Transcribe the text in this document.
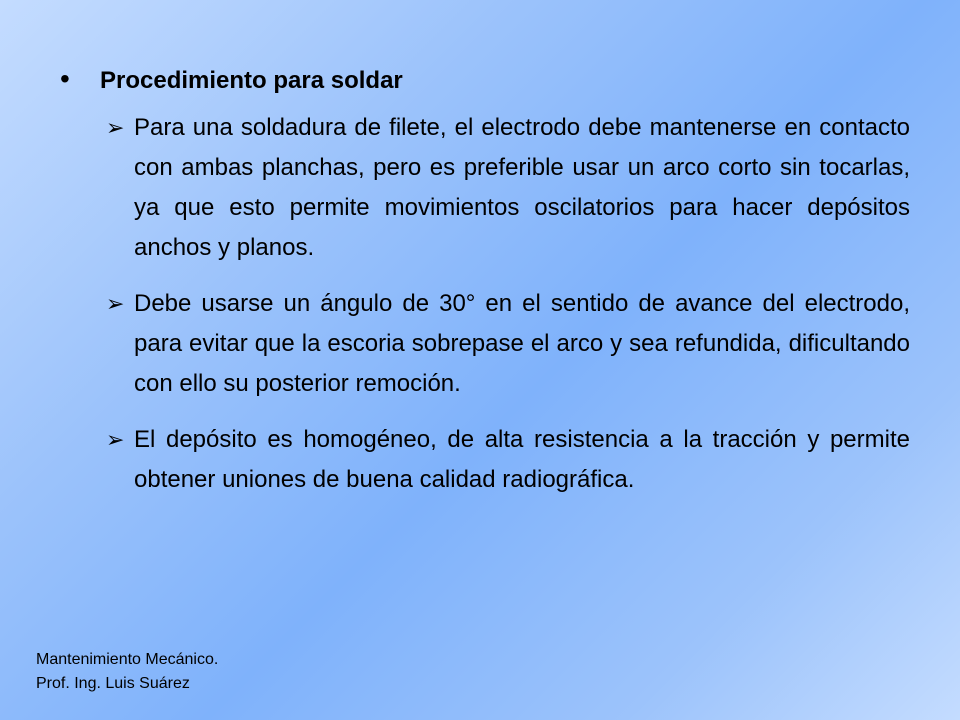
•	Procedimiento para soldar
➢ Para una soldadura de filete, el electrodo debe mantenerse en contacto con ambas planchas, pero es preferible usar un arco corto sin tocarlas, ya que esto permite movimientos oscilatorios para hacer depósitos anchos y planos.
➢ Debe usarse un ángulo de 30° en el sentido de avance del electrodo, para evitar que la escoria sobrepase el arco y sea refundida, dificultando con ello su posterior remoción.
➢ El depósito es homogéneo, de alta resistencia a la tracción y permite obtener uniones de buena calidad radiográfica.
Mantenimiento Mecánico.
Prof. Ing. Luis Suárez
